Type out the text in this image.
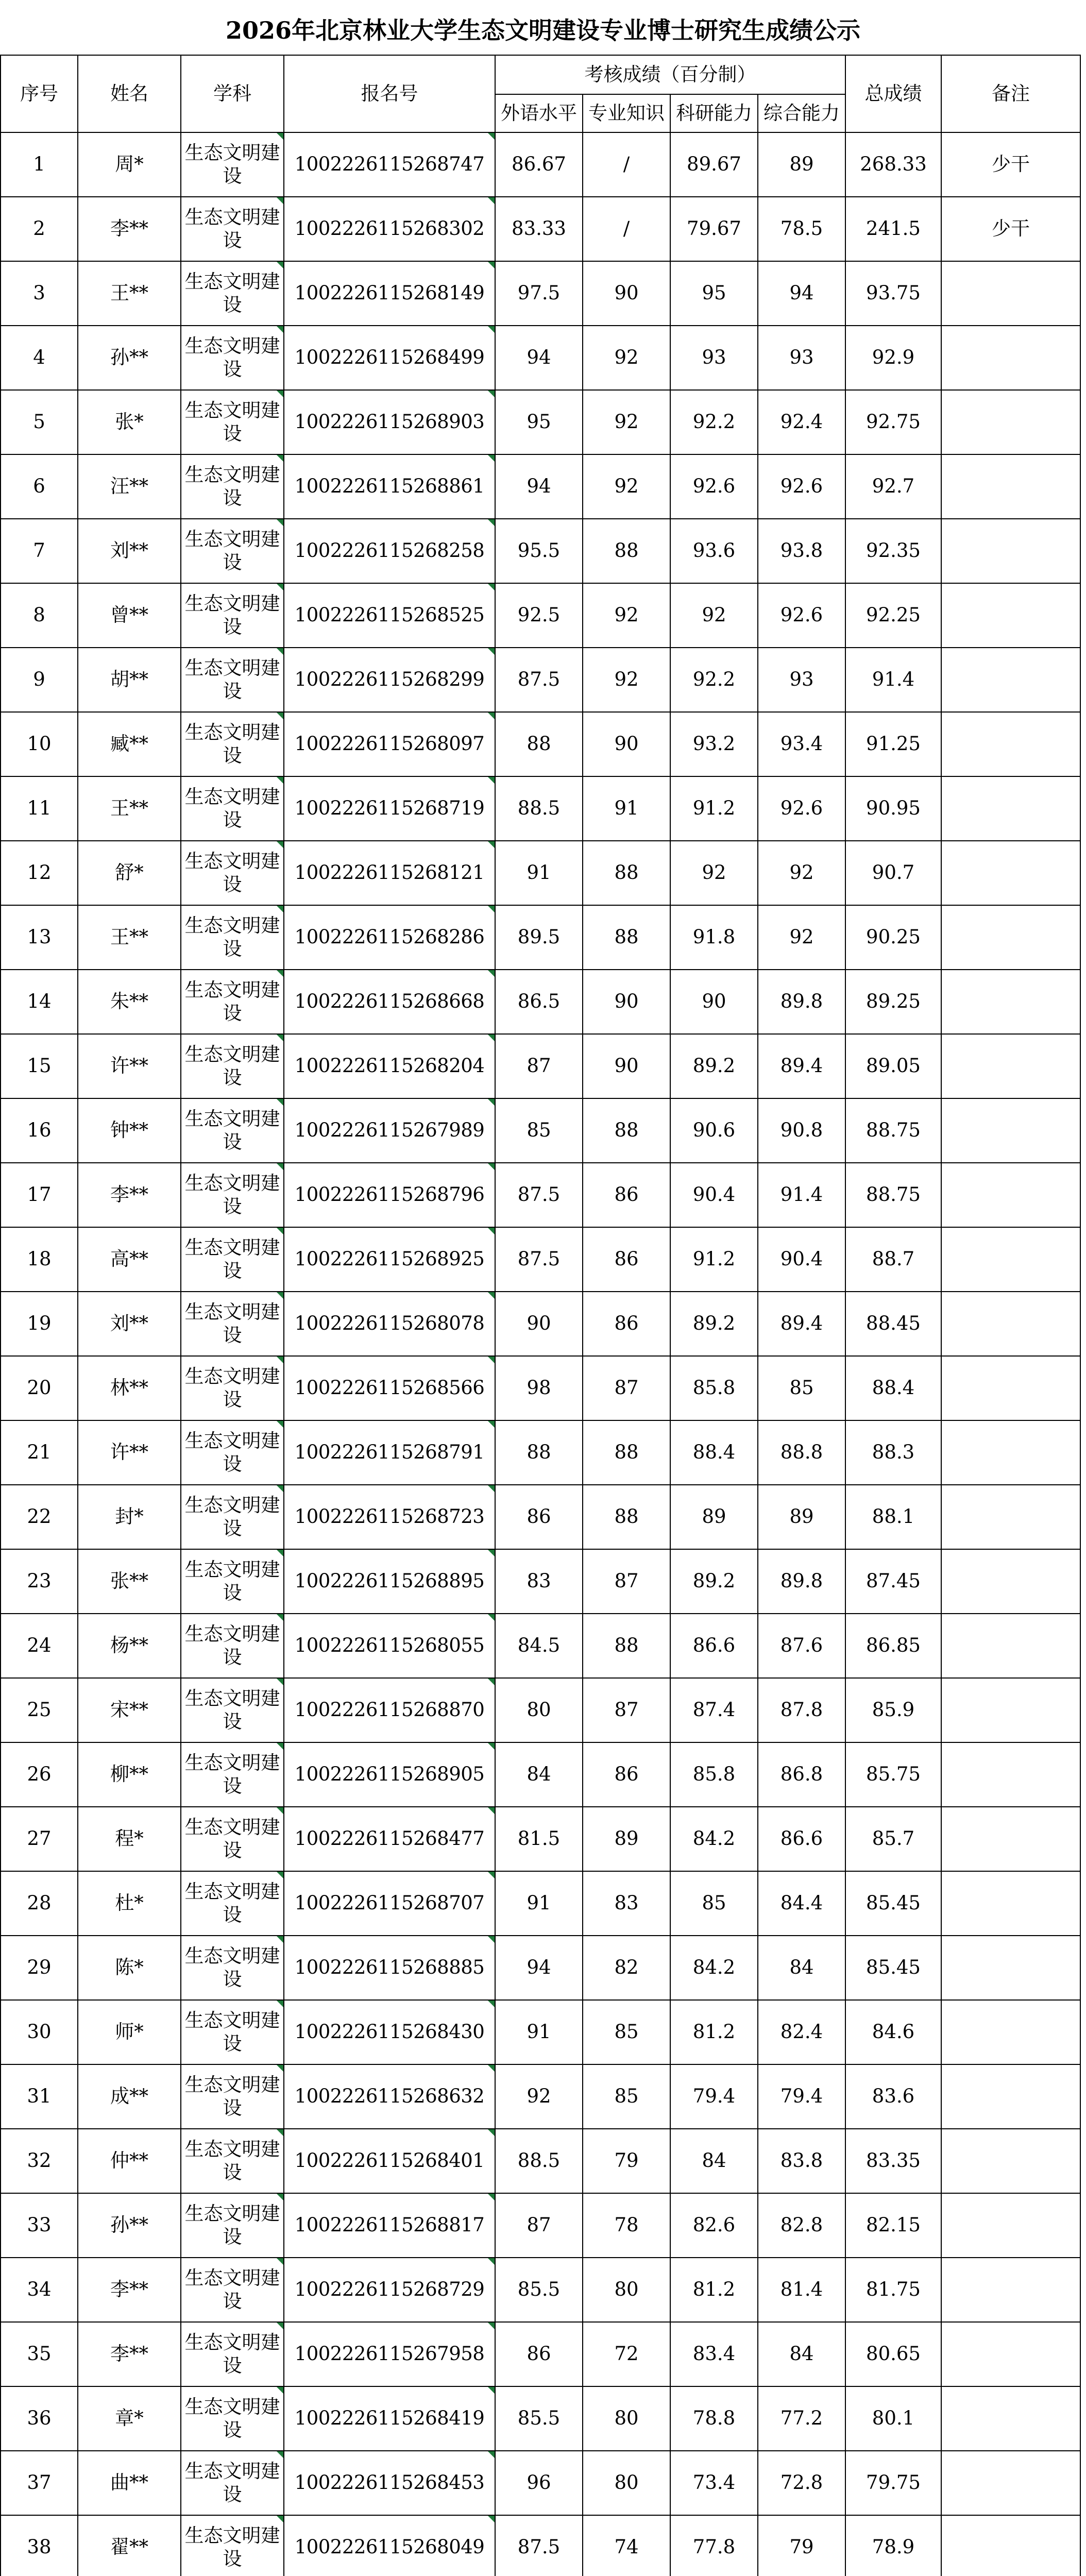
2026年北京林业大学生态文明建设专业博士研究生成绩公示
序号	姓名	学科	报名号	考核成绩（百分制）				总成绩	备注
				外语水平	专业知识	科研能力	综合能力		
1	周*	生态文明建设	1002226115268747	86.67	/	89.67	89	268.33	少干
2	李**	生态文明建设	1002226115268302	83.33	/	79.67	78.5	241.5	少干
3	王**	生态文明建设	1002226115268149	97.5	90	95	94	93.75	
4	孙**	生态文明建设	1002226115268499	94	92	93	93	92.9	
5	张*	生态文明建设	1002226115268903	95	92	92.2	92.4	92.75	
6	汪**	生态文明建设	1002226115268861	94	92	92.6	92.6	92.7	
7	刘**	生态文明建设	1002226115268258	95.5	88	93.6	93.8	92.35	
8	曾**	生态文明建设	1002226115268525	92.5	92	92	92.6	92.25	
9	胡**	生态文明建设	1002226115268299	87.5	92	92.2	93	91.4	
10	臧**	生态文明建设	1002226115268097	88	90	93.2	93.4	91.25	
11	王**	生态文明建设	1002226115268719	88.5	91	91.2	92.6	90.95	
12	舒*	生态文明建设	1002226115268121	91	88	92	92	90.7	
13	王**	生态文明建设	1002226115268286	89.5	88	91.8	92	90.25	
14	朱**	生态文明建设	1002226115268668	86.5	90	90	89.8	89.25	
15	许**	生态文明建设	1002226115268204	87	90	89.2	89.4	89.05	
16	钟**	生态文明建设	1002226115267989	85	88	90.6	90.8	88.75	
17	李**	生态文明建设	1002226115268796	87.5	86	90.4	91.4	88.75	
18	高**	生态文明建设	1002226115268925	87.5	86	91.2	90.4	88.7	
19	刘**	生态文明建设	1002226115268078	90	86	89.2	89.4	88.45	
20	林**	生态文明建设	1002226115268566	98	87	85.8	85	88.4	
21	许**	生态文明建设	1002226115268791	88	88	88.4	88.8	88.3	
22	封*	生态文明建设	1002226115268723	86	88	89	89	88.1	
23	张**	生态文明建设	1002226115268895	83	87	89.2	89.8	87.45	
24	杨**	生态文明建设	1002226115268055	84.5	88	86.6	87.6	86.85	
25	宋**	生态文明建设	1002226115268870	80	87	87.4	87.8	85.9	
26	柳**	生态文明建设	1002226115268905	84	86	85.8	86.8	85.75	
27	程*	生态文明建设	1002226115268477	81.5	89	84.2	86.6	85.7	
28	杜*	生态文明建设	1002226115268707	91	83	85	84.4	85.45	
29	陈*	生态文明建设	1002226115268885	94	82	84.2	84	85.45	
30	师*	生态文明建设	1002226115268430	91	85	81.2	82.4	84.6	
31	成**	生态文明建设	1002226115268632	92	85	79.4	79.4	83.6	
32	仲**	生态文明建设	1002226115268401	88.5	79	84	83.8	83.35	
33	孙**	生态文明建设	1002226115268817	87	78	82.6	82.8	82.15	
34	李**	生态文明建设	1002226115268729	85.5	80	81.2	81.4	81.75	
35	李**	生态文明建设	1002226115267958	86	72	83.4	84	80.65	
36	章*	生态文明建设	1002226115268419	85.5	80	78.8	77.2	80.1	
37	曲**	生态文明建设	1002226115268453	96	80	73.4	72.8	79.75	
38	翟**	生态文明建设	1002226115268049	87.5	74	77.8	79	78.9	
